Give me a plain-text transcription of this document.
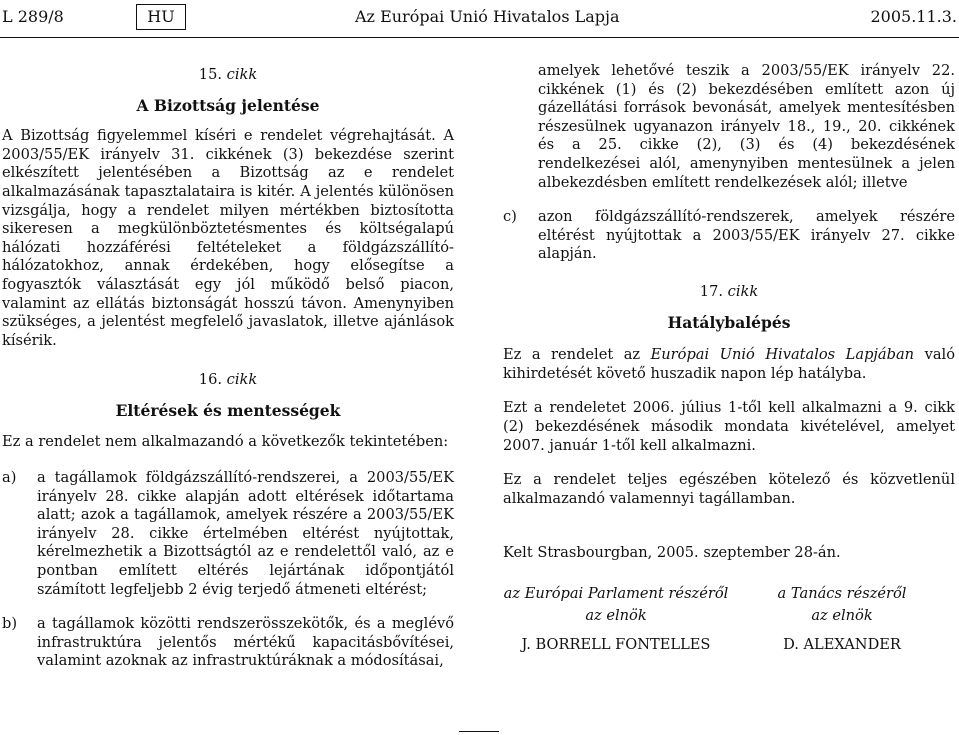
L 289/8	HU	Az Európai Unió Hivatalos Lapja	2005.11.3.

15. cikk

A Bizottság jelentése

A Bizottság figyelemmel kíséri e rendelet végrehajtását. A 2003/55/EK irányelv 31. cikkének (3) bekezdése szerint elkészített jelentésében a Bizottság az e rendelet alkalmazásának tapasztalataira is kitér. A jelentés különösen vizsgálja, hogy a rendelet milyen mértékben biztosította sikeresen a megkülönböztetésmentes és költségalapú hálózati hozzáférési feltételeket a földgázszállító-hálózatokhoz, annak érdekében, hogy elősegítse a fogyasztók választását egy jól működő belső piacon, valamint az ellátás biztonságát hosszú távon. Amenynyiben szükséges, a jelentést megfelelő javaslatok, illetve ajánlások kísérik.

16. cikk

Eltérések és mentességek

Ez a rendelet nem alkalmazandó a következők tekintetében:

a) a tagállamok földgázszállító-rendszerei, a 2003/55/EK irányelv 28. cikke alapján adott eltérések időtartama alatt; azok a tagállamok, amelyek részére a 2003/55/EK irányelv 28. cikke értelmében eltérést nyújtottak, kérelmezhetik a Bizottságtól az e rendelettől való, az e pontban említett eltérés lejártának időpontjától számított legfeljebb 2 évig terjedő átmeneti eltérést;
b) a tagállamok közötti rendszerösszekötők, és a meglévő infrastruktúra jelentős mértékű kapacitásbővítései, valamint azoknak az infrastruktúráknak a módosításai,
amelyek lehetővé teszik a 2003/55/EK irányelv 22. cikkének (1) és (2) bekezdésében említett azon új gázellátási források bevonását, amelyek mentesítésben részesülnek ugyanazon irányelv 18., 19., 20. cikkének és a 25. cikke (2), (3) és (4) bekezdésének rendelkezései alól, amenynyiben mentesülnek a jelen albekezdésben említett rendelkezések alól; illetve
c) azon földgázszállító-rendszerek, amelyek részére eltérést nyújtottak a 2003/55/EK irányelv 27. cikke alapján.

17. cikk

Hatálybalépés

Ez a rendelet az Európai Unió Hivatalos Lapjában való kihirdetését követő huszadik napon lép hatályba.

Ezt a rendeletet 2006. július 1-től kell alkalmazni a 9. cikk (2) bekezdésének második mondata kivételével, amelyet 2007. január 1-től kell alkalmazni.

Ez a rendelet teljes egészében kötelező és közvetlenül alkalmazandó valamennyi tagállamban.

Kelt Strasbourgban, 2005. szeptember 28-án.

az Európai Parlament részéről
az elnök
J. BORRELL FONTELLES
a Tanács részéről
az elnök
D. ALEXANDER
